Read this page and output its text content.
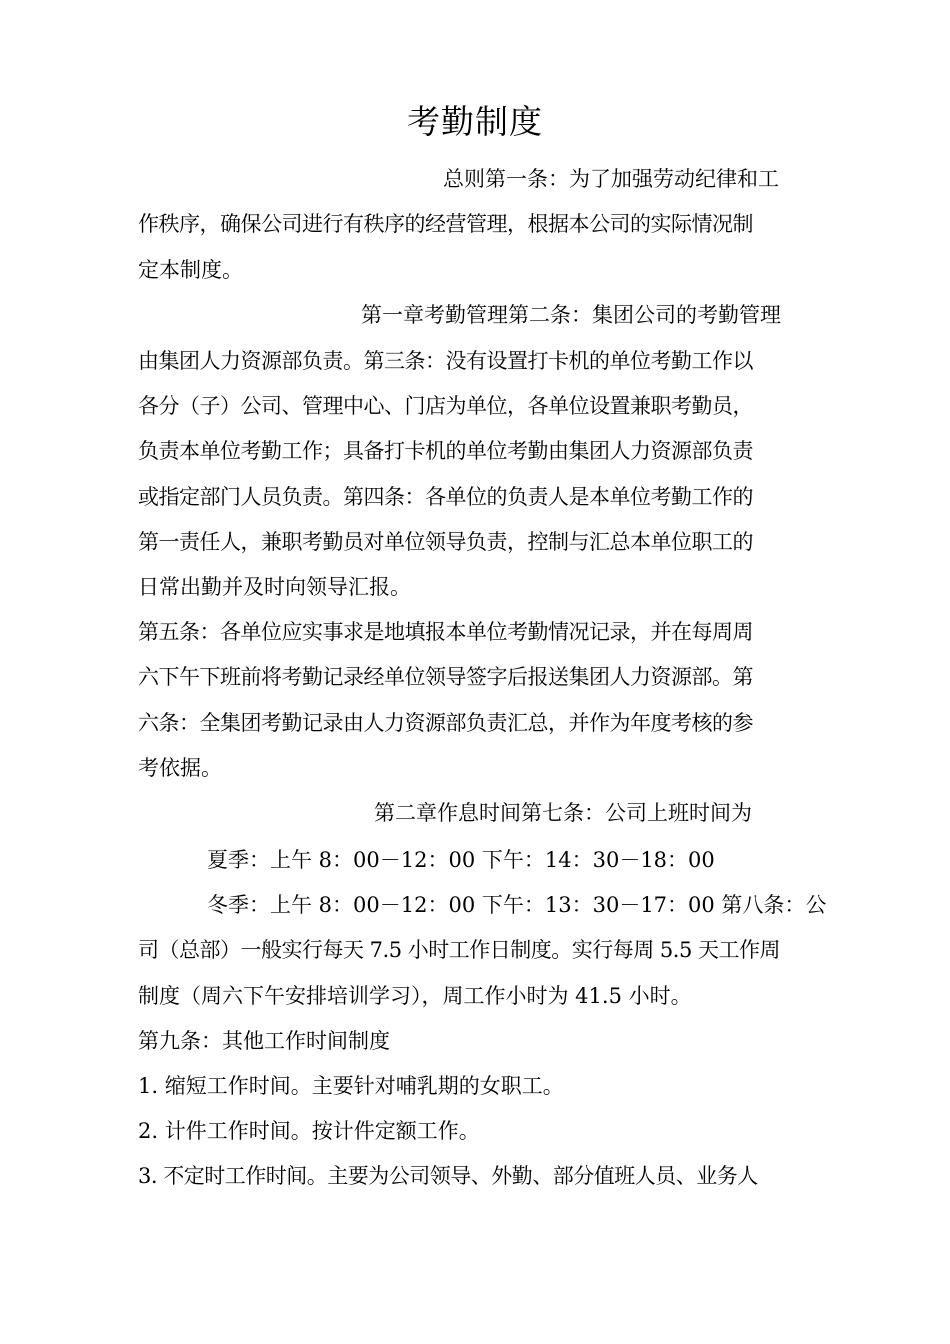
考勤制度
总则第一条：为了加强劳动纪律和工
作秩序，确保公司进行有秩序的经营管理，根据本公司的实际情况制
定本制度。
第一章考勤管理第二条：集团公司的考勤管理
由集团人力资源部负责。第三条：没有设置打卡机的单位考勤工作以
各分（子）公司、管理中心、门店为单位，各单位设置兼职考勤员，
负责本单位考勤工作；具备打卡机的单位考勤由集团人力资源部负责
或指定部门人员负责。第四条：各单位的负责人是本单位考勤工作的
第一责任人，兼职考勤员对单位领导负责，控制与汇总本单位职工的
日常出勤并及时向领导汇报。
第五条：各单位应实事求是地填报本单位考勤情况记录，并在每周周
六下午下班前将考勤记录经单位领导签字后报送集团人力资源部。第
六条：全集团考勤记录由人力资源部负责汇总，并作为年度考核的参
考依据。
第二章作息时间第七条：公司上班时间为
夏季：上午 8：00－12：00 下午：14：30－18：00
冬季：上午 8：00－12：00 下午：13：30－17：00 第八条：公
司（总部）一般实行每天 7.5 小时工作日制度。实行每周 5.5 天工作周
制度（周六下午安排培训学习），周工作小时为 41.5 小时。
第九条：其他工作时间制度
1. 缩短工作时间。主要针对哺乳期的女职工。
2. 计件工作时间。按计件定额工作。
3. 不定时工作时间。主要为公司领导、外勤、部分值班人员、业务人
